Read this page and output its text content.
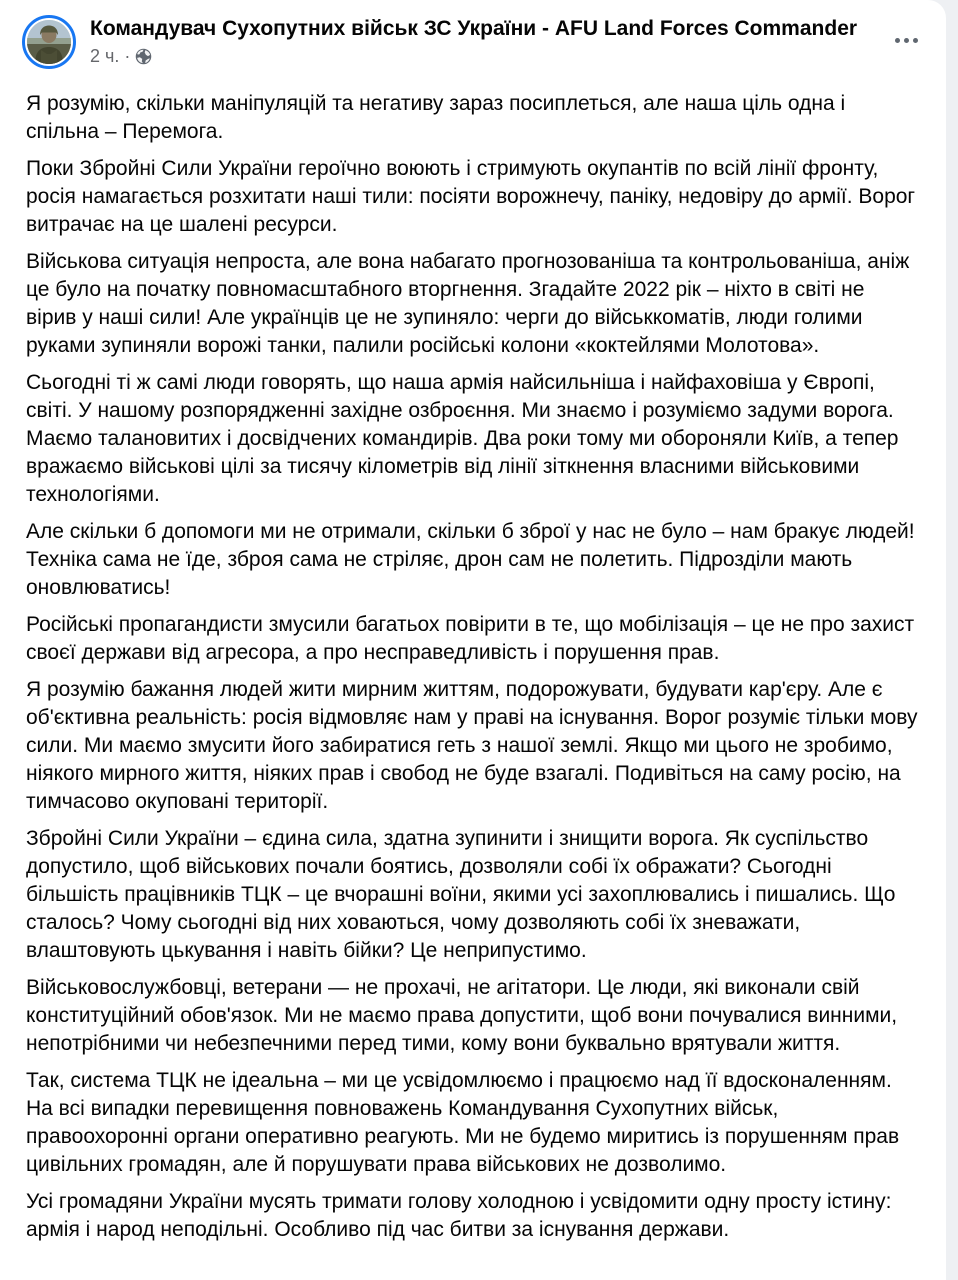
Командувач Сухопутних військ ЗС України - AFU Land Forces Commander
2 ч. ·

Я розумію, скільки маніпуляцій та негативу зараз посиплеться, але наша ціль одна і спільна – Перемога.

Поки Збройні Сили України героїчно воюють і стримують окупантів по всій лінії фронту, росія намагається розхитати наші тили: посіяти ворожнечу, паніку, недовіру до армії. Ворог витрачає на це шалені ресурси.

Військова ситуація непроста, але вона набагато прогнозованіша та контрольованіша, аніж це було на початку повномасштабного вторгнення. Згадайте 2022 рік – ніхто в світі не вірив у наші сили! Але українців це не зупиняло: черги до військкоматів, люди голими руками зупиняли ворожі танки, палили російські колони «коктейлями Молотова».

Сьогодні ті ж самі люди говорять, що наша армія найсильніша і найфаховіша у Європі, світі. У нашому розпорядженні західне озброєння. Ми знаємо і розуміємо задуми ворога. Маємо талановитих і досвідчених командирів. Два роки тому ми обороняли Київ, а тепер вражаємо військові цілі за тисячу кілометрів від лінії зіткнення власними військовими технологіями.

Але скільки б допомоги ми не отримали, скільки б зброї у нас не було – нам бракує людей! Техніка сама не їде, зброя сама не стріляє, дрон сам не полетить. Підрозділи мають оновлюватись!

Російські пропагандисти змусили багатьох повірити в те, що мобілізація – це не про захист своєї держави від агресора, а про несправедливість і порушення прав.

Я розумію бажання людей жити мирним життям, подорожувати, будувати кар'єру. Але є об'єктивна реальність: росія відмовляє нам у праві на існування. Ворог розуміє тільки мову сили. Ми маємо змусити його забиратися геть з нашої землі. Якщо ми цього не зробимо, ніякого мирного життя, ніяких прав і свобод не буде взагалі. Подивіться на саму росію, на тимчасово окуповані території.

Збройні Сили України – єдина сила, здатна зупинити і знищити ворога. Як суспільство допустило, щоб військових почали боятись, дозволяли собі їх ображати? Сьогодні більшість працівників ТЦК – це вчорашні воїни, якими усі захоплювались і пишались. Що сталось? Чому сьогодні від них ховаються, чому дозволяють собі їх зневажати, влаштовують цькування і навіть бійки? Це неприпустимо.

Військовослужбовці, ветерани — не прохачі, не агітатори. Це люди, які виконали свій конституційний обов'язок. Ми не маємо права допустити, щоб вони почувалися винними, непотрібними чи небезпечними перед тими, кому вони буквально врятували життя.

Так, система ТЦК не ідеальна – ми це усвідомлюємо і працюємо над її вдосконаленням. На всі випадки перевищення повноважень Командування Сухопутних військ, правоохоронні органи оперативно реагують. Ми не будемо миритись із порушенням прав цивільних громадян, але й порушувати права військових не дозволимо.

Усі громадяни України мусять тримати голову холодною і усвідомити одну просту істину: армія і народ неподільні. Особливо під час битви за існування держави.
